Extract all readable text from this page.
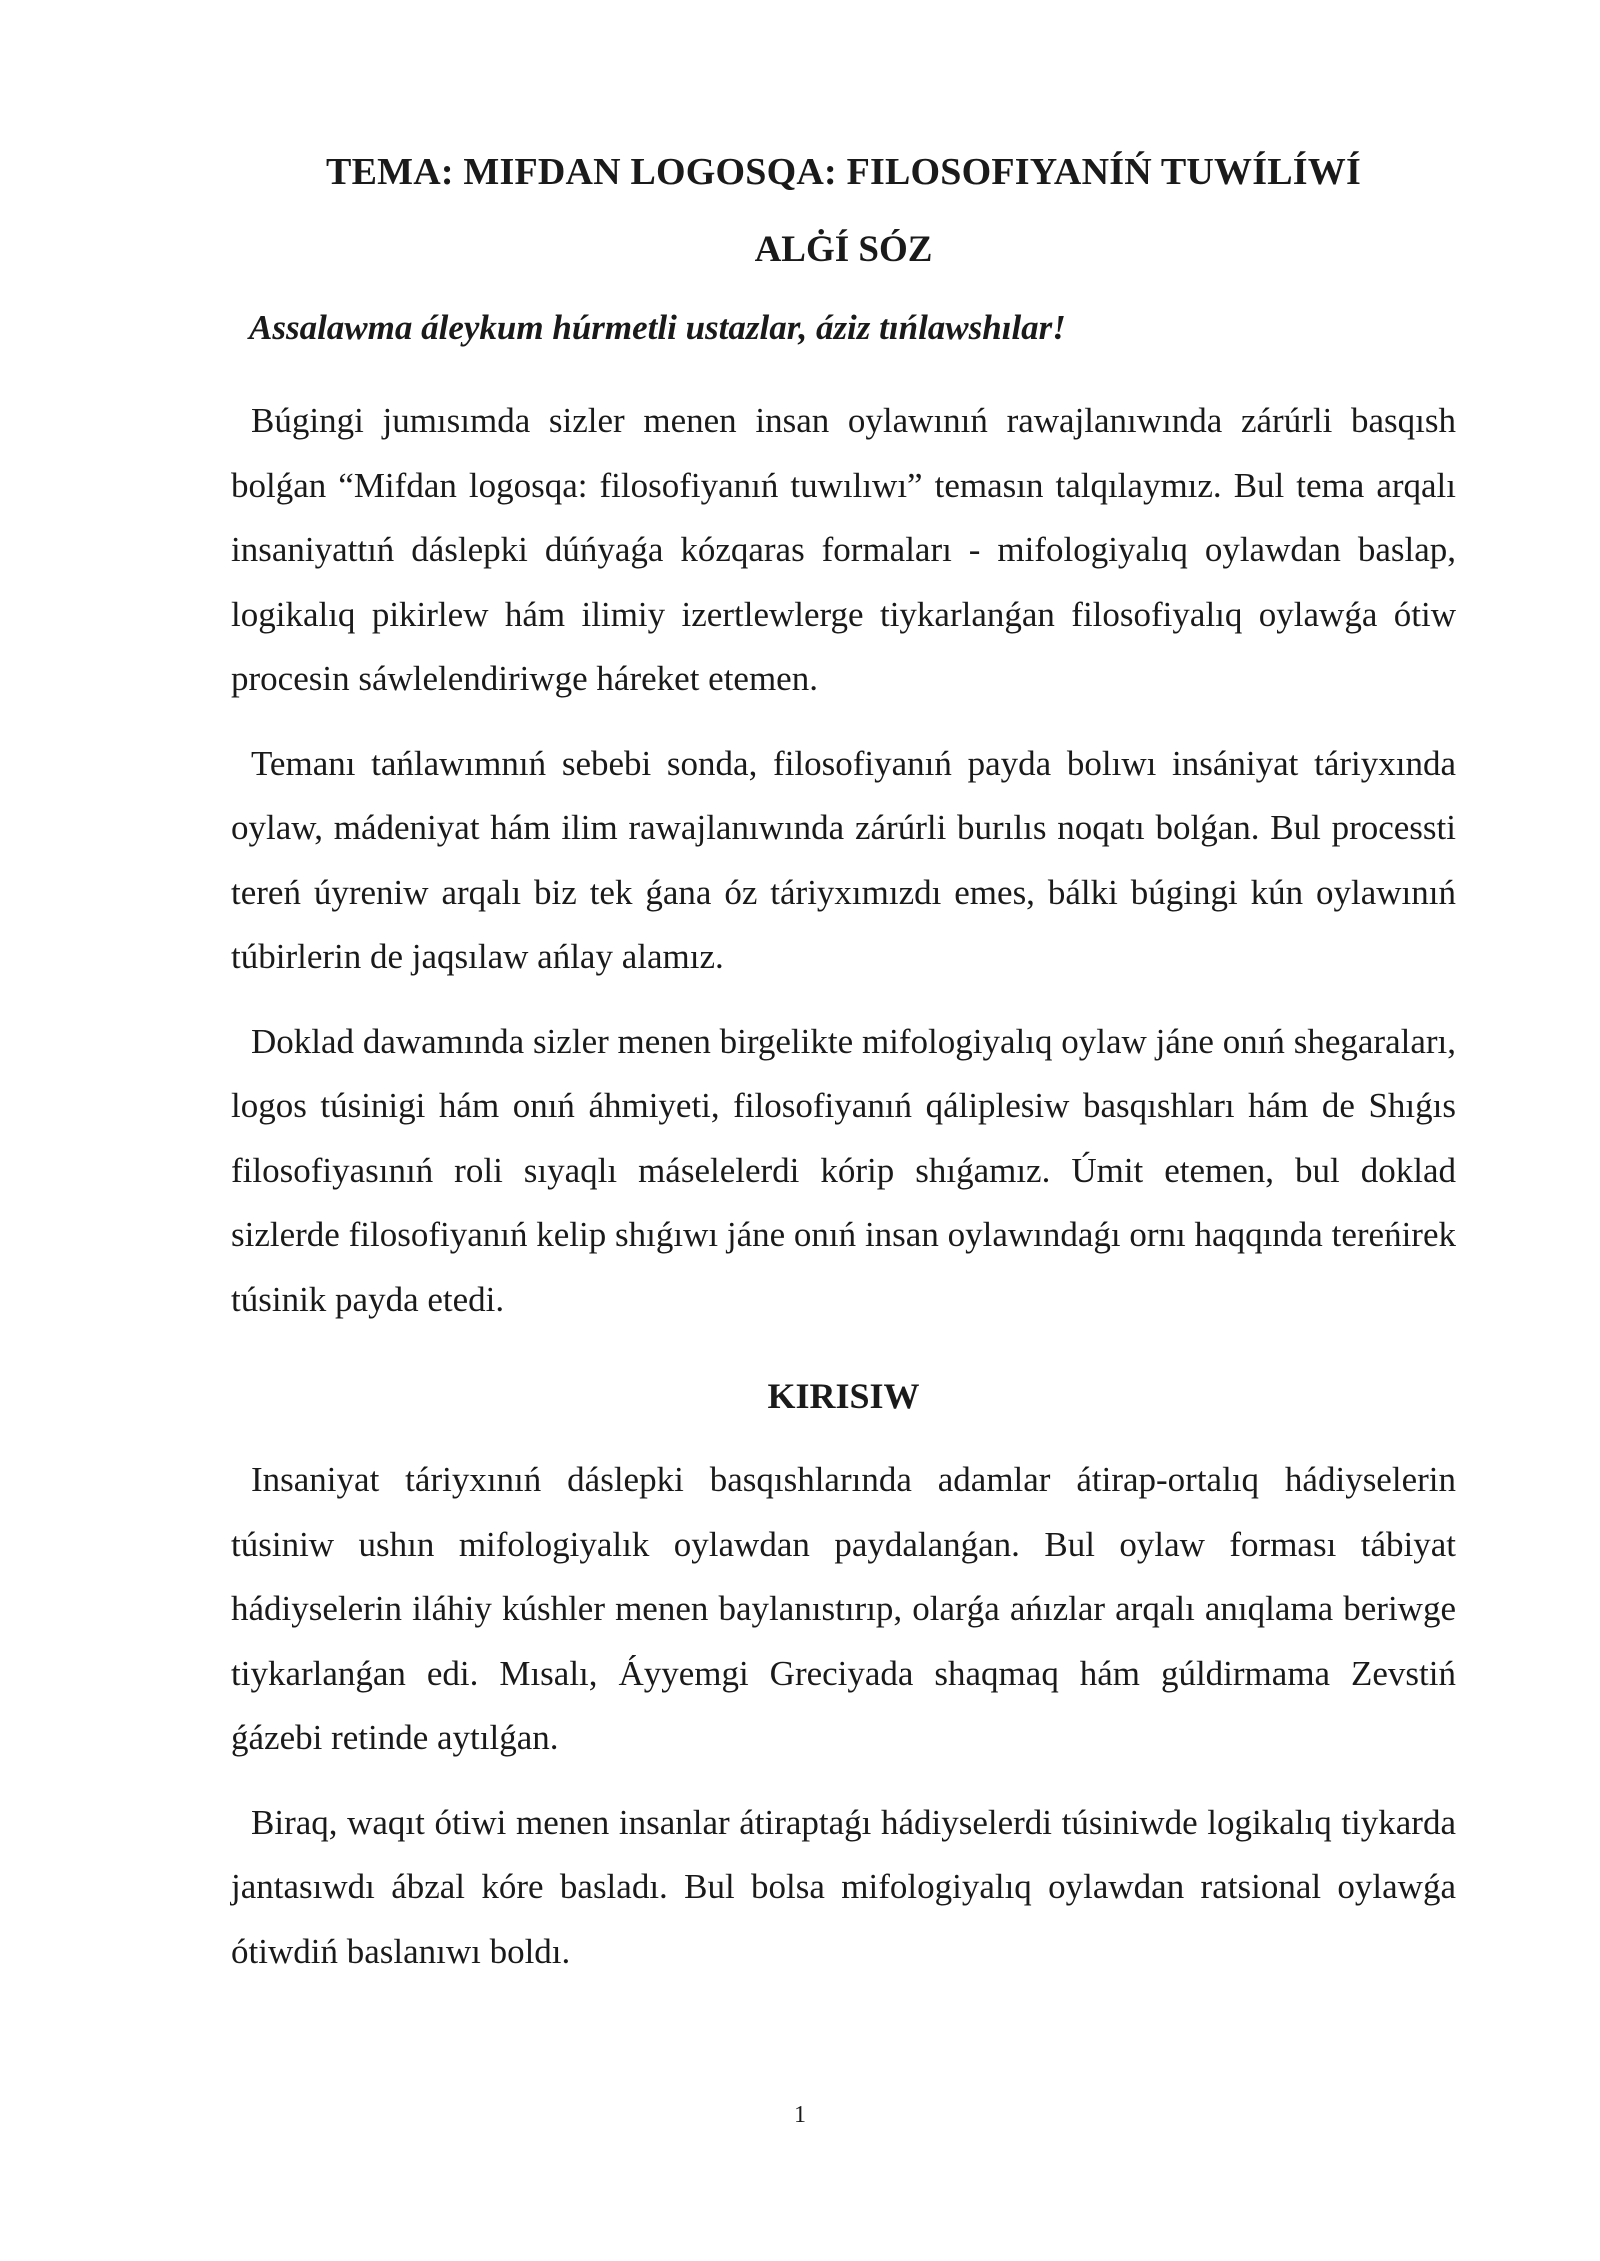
TEMA: MIFDAN LOGOSQA: FILOSOFIYANÍŃ TUWÍLÍWÍ
ALĠÍ SÓZ

Assalawma áleykum húrmetli ustazlar, áziz tıńlawshılar!

Búgingi jumısımda sizler menen insan oylawınıń rawajlanıwında zárúrli basqısh bolǵan “Mifdan logosqa: filosofiyanıń tuwılıwı” temasın talqılaymız. Bul tema arqalı insaniyattıń dáslepki dúńyaǵa kózqaras formaları - mifologiyalıq oylawdan baslap, logikalıq pikirlew hám ilimiy izertlewlerge tiykarlanǵan filosofiyalıq oylawǵa ótiw procesin sáwlelendiriwge háreket etemen.

Temanı tańlawımnıń sebebi sonda, filosofiyanıń payda bolıwı insániyat táriyxında oylaw, mádeniyat hám ilim rawajlanıwında zárúrli burılıs noqatı bolǵan. Bul processti tereń úyreniw arqalı biz tek ǵana óz táriyxımızdı emes, bálki búgingi kún oylawınıń túbirlerin de jaqsılaw ańlay alamız.

Doklad dawamında sizler menen birgelikte mifologiyalıq oylaw jáne onıń shegaraları, logos túsinigi hám onıń áhmiyeti, filosofiyanıń qáliplesiw basqıshları hám de Shıǵıs filosofiyasınıń roli sıyaqlı máselelerdi kórip shıǵamız. Úmit etemen, bul doklad sizlerde filosofiyanıń kelip shıǵıwı jáne onıń insan oylawındaǵı ornı haqqında tereńirek túsinik payda etedi.

KIRISIW

Insaniyat táriyxınıń dáslepki basqıshlarında adamlar átirap-ortalıq hádiyselerin túsiniw ushın mifologiyalık oylawdan paydalanǵan. Bul oylaw forması tábiyat hádiyselerin iláhiy kúshler menen baylanıstırıp, olarǵa ańızlar arqalı anıqlama beriwge tiykarlanǵan edi. Mısalı, Áyyemgi Greciyada shaqmaq hám gúldirmama Zevstiń ǵázebi retinde aytılǵan.

Biraq, waqıt ótiwi menen insanlar átiraptaǵı hádiyselerdi túsiniwde logikalıq tiykarda jantasıwdı ábzal kóre basladı. Bul bolsa mifologiyalıq oylawdan ratsional oylawǵa ótiwdiń baslanıwı boldı.

1
